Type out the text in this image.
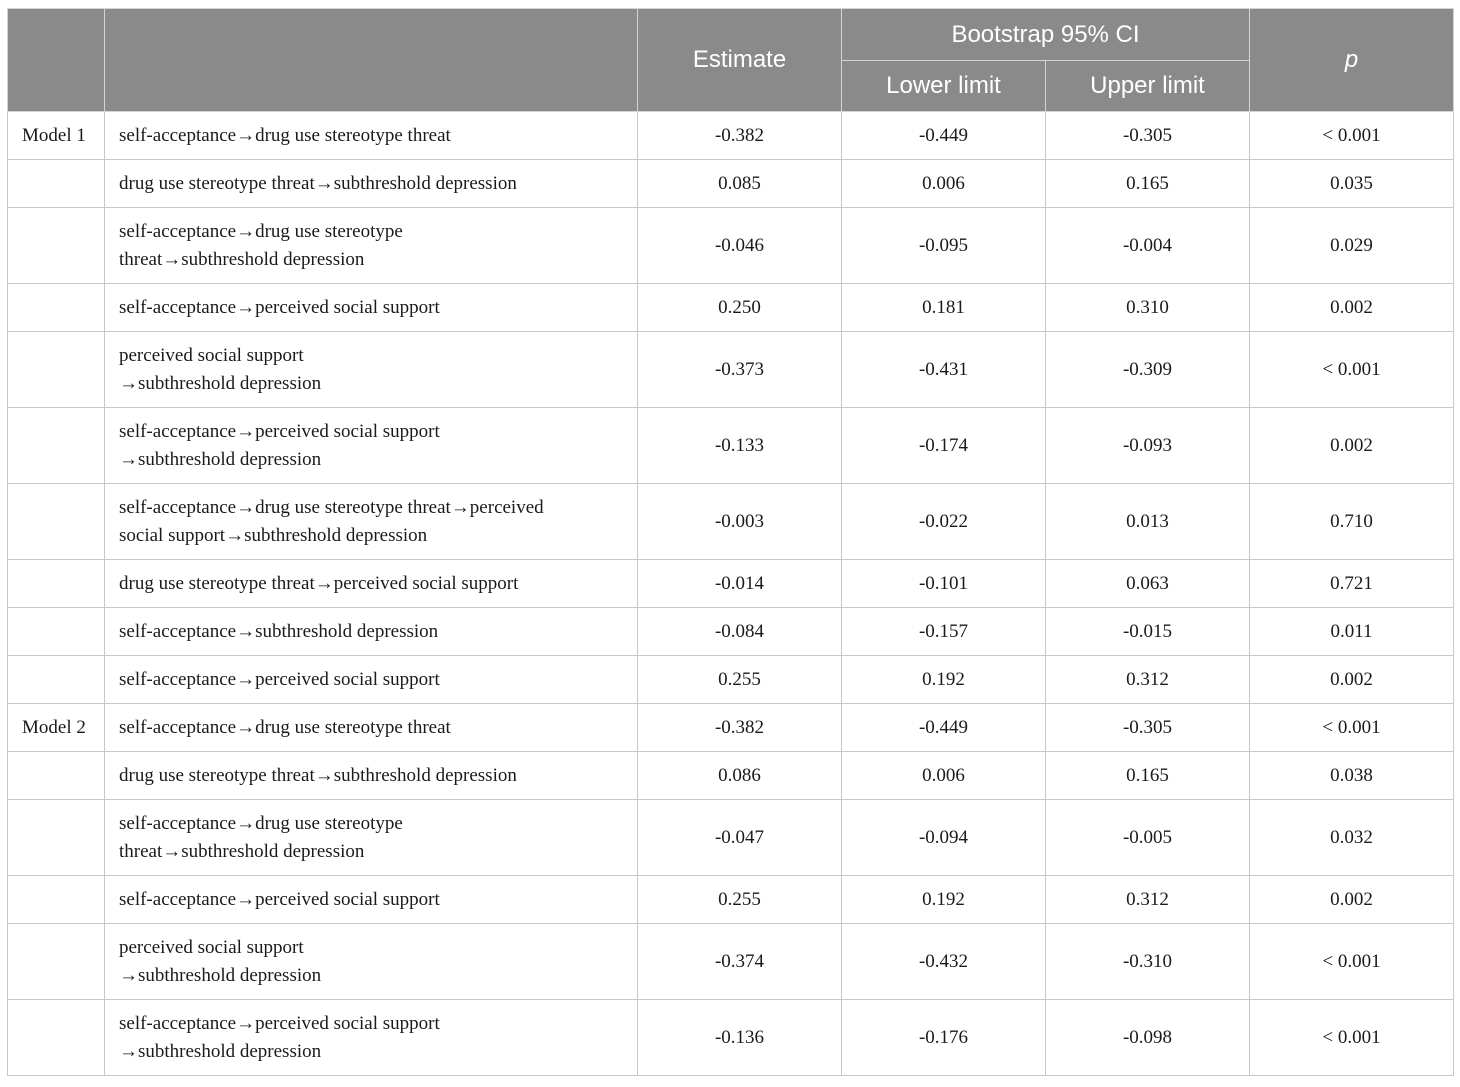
		Estimate	Bootstrap 95% CI		p
			Lower limit	Upper limit	
Model 1	self-acceptance→drug use stereotype threat	-0.382	-0.449	-0.305	< 0.001
	drug use stereotype threat→subthreshold depression	0.085	0.006	0.165	0.035

	self-acceptance→drug use stereotype
threat→subthreshold depression	-0.046	-0.095	-0.004	0.029
	self-acceptance→perceived social support	0.250	0.181	0.310	0.002

	perceived social support
→subthreshold depression	-0.373	-0.431	-0.309	< 0.001

	self-acceptance→perceived social support
→subthreshold depression	-0.133	-0.174	-0.093	0.002

	self-acceptance→drug use stereotype threat→perceived
social support→subthreshold depression	-0.003	-0.022	0.013	0.710
	drug use stereotype threat→perceived social support	-0.014	-0.101	0.063	0.721
	self-acceptance→subthreshold depression	-0.084	-0.157	-0.015	0.011
	self-acceptance→perceived social support	0.255	0.192	0.312	0.002
Model 2	self-acceptance→drug use stereotype threat	-0.382	-0.449	-0.305	< 0.001
	drug use stereotype threat→subthreshold depression	0.086	0.006	0.165	0.038

	self-acceptance→drug use stereotype
threat→subthreshold depression	-0.047	-0.094	-0.005	0.032
	self-acceptance→perceived social support	0.255	0.192	0.312	0.002

	perceived social support
→subthreshold depression	-0.374	-0.432	-0.310	< 0.001

	self-acceptance→perceived social support
→subthreshold depression	-0.136	-0.176	-0.098	< 0.001
